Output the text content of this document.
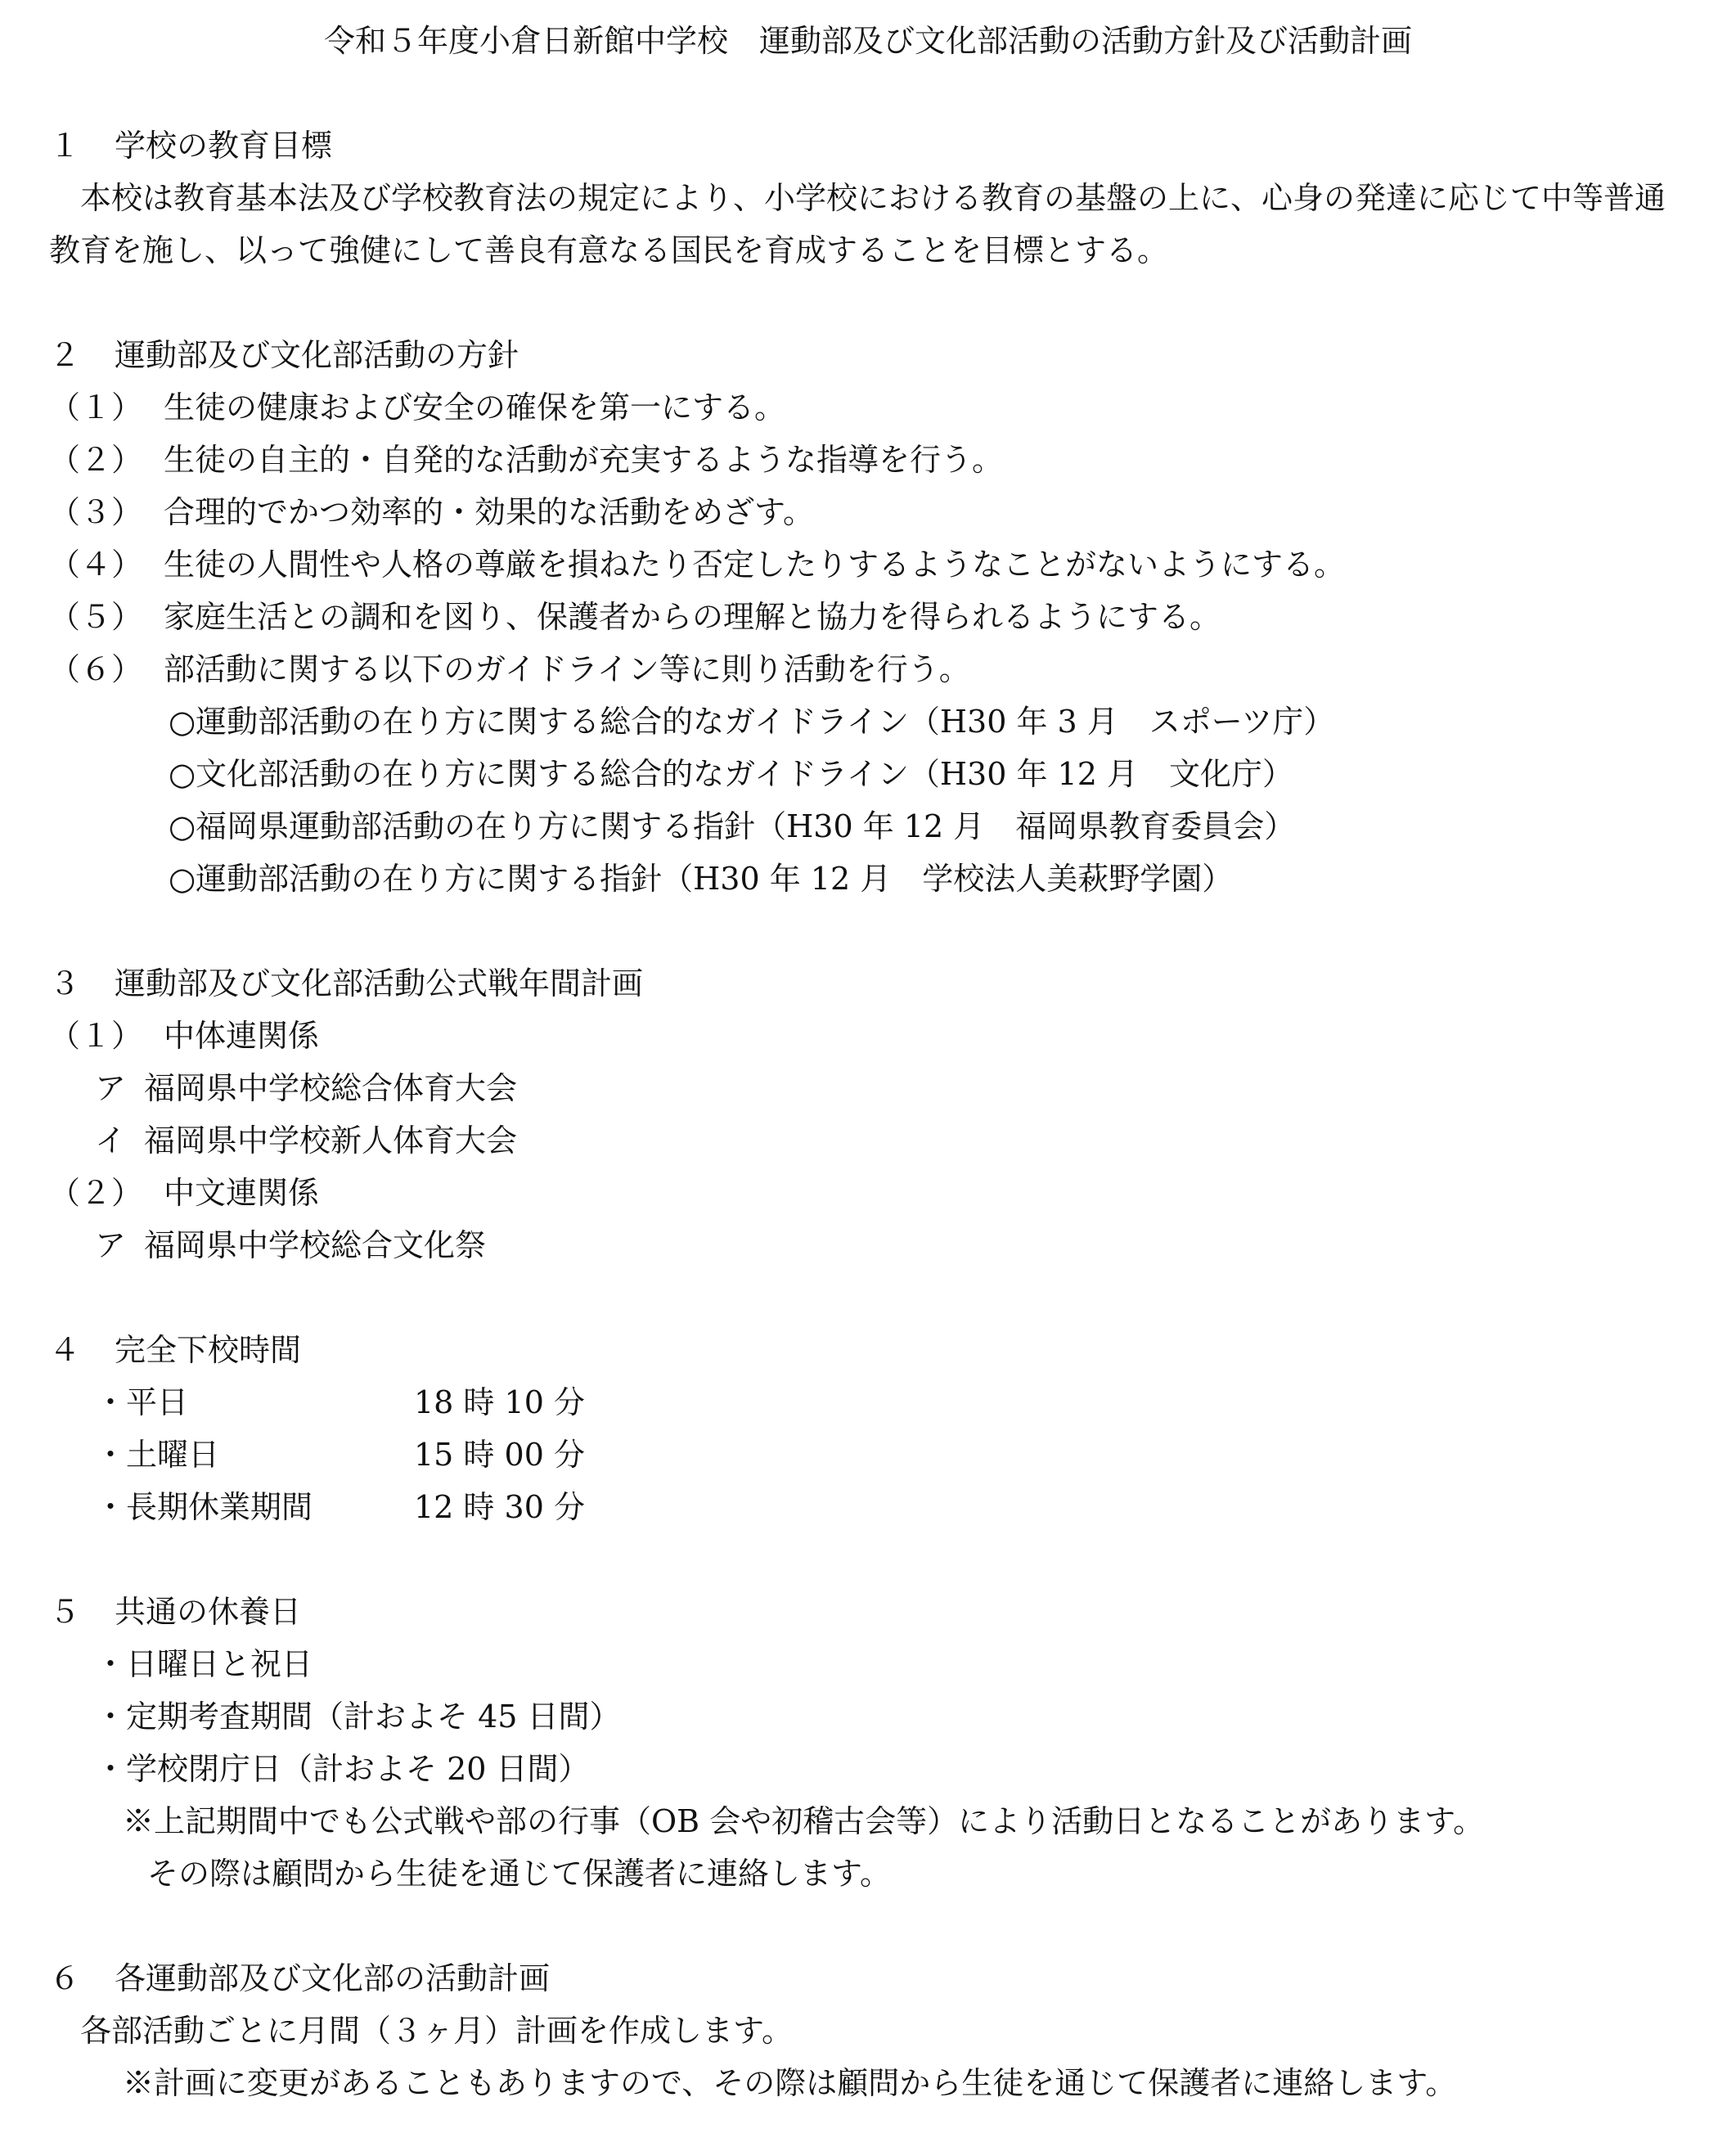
令和５年度小倉日新館中学校　運動部及び文化部活動の活動方針及び活動計画
１ 学校の教育目標
本校は教育基本法及び学校教育法の規定により、小学校における教育の基盤の上に、心身の発達に応じて中等普通教育を施し、以って強健にして善良有意なる国民を育成することを目標とする。
２ 運動部及び文化部活動の方針
（１） 生徒の健康および安全の確保を第一にする。
（２） 生徒の自主的・自発的な活動が充実するような指導を行う。
（３） 合理的でかつ効率的・効果的な活動をめざす。
（４） 生徒の人間性や人格の尊厳を損ねたり否定したりするようなことがないようにする。
（５） 家庭生活との調和を図り、保護者からの理解と協力を得られるようにする。
（６） 部活動に関する以下のガイドライン等に則り活動を行う。
○運動部活動の在り方に関する総合的なガイドライン（H30 年 3 月　スポーツ庁）
○文化部活動の在り方に関する総合的なガイドライン（H30 年 12 月　文化庁）
○福岡県運動部活動の在り方に関する指針（H30 年 12 月　福岡県教育委員会）
○運動部活動の在り方に関する指針（H30 年 12 月　学校法人美萩野学園）
３ 運動部及び文化部活動公式戦年間計画
（１） 中体連関係
ア 福岡県中学校総合体育大会
イ 福岡県中学校新人体育大会
（２） 中文連関係
ア 福岡県中学校総合文化祭
４ 完全下校時間
・平日	18 時 10 分
・土曜日	15 時 00 分
・長期休業期間	12 時 30 分
５ 共通の休養日
・日曜日と祝日
・定期考査期間（計およそ 45 日間）
・学校閉庁日（計およそ 20 日間）
※上記期間中でも公式戦や部の行事（OB 会や初稽古会等）により活動日となることがあります。
その際は顧問から生徒を通じて保護者に連絡します。
６ 各運動部及び文化部の活動計画
各部活動ごとに月間（３ヶ月）計画を作成します。
※計画に変更があることもありますので、その際は顧問から生徒を通じて保護者に連絡します。
